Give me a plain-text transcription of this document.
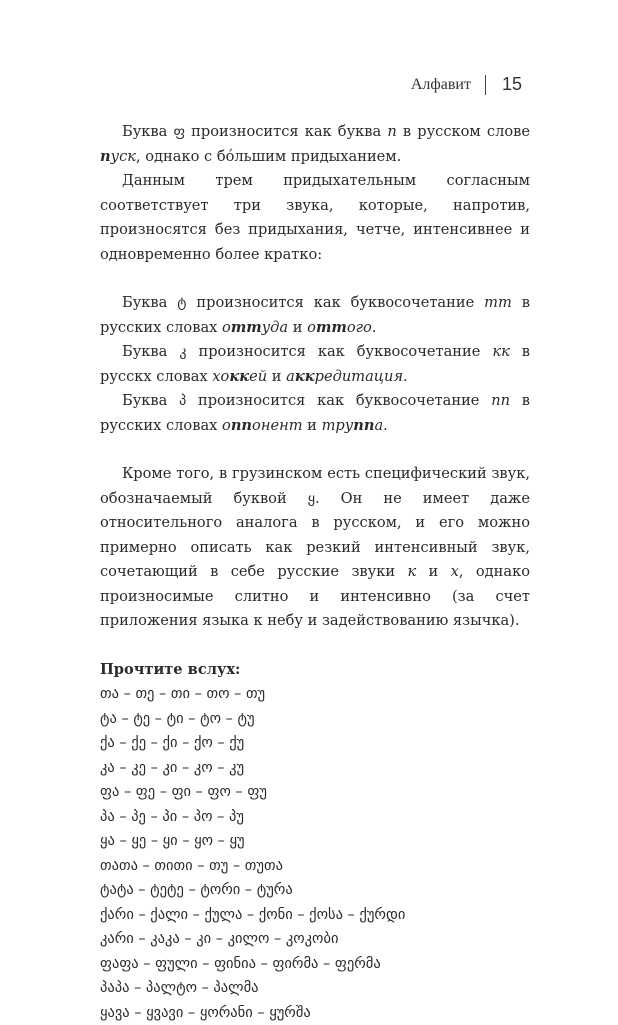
Алфавит 15

Буква ფ произносится как буква п в русском слове пуск, однако с бóльшим придыханием.

Данным трем придыхательным согласным соответствует три звука, которые, напротив, произносятся без придыхания, четче, интенсивнее и одновременно более кратко:

Буква ტ произносится как буквосочетание тт в русских словах оттуда и оттого.

Буква კ произносится как буквосочетание кк в русскх словах хоккей и аккредитация.

Буква პ произносится как буквосочетание пп в русских словах оппонент и труппа.

Кроме того, в грузинском есть специфический звук, обозначаемый буквой ყ. Он не имеет даже относительного аналога в русском, и его можно примерно описать как резкий интенсивный звук, сочетающий в себе русские звуки к и х, однако произносимые слитно и интенсивно (за счет приложения языка к небу и задействованию язычка).

Прочтите вслух:

თა – თე – თი – თო – თუ
ტა – ტე – ტი – ტო – ტუ
ქა – ქე – ქი – ქო – ქუ
კა – კე – კი – კო – კუ
ფა – ფე – ფი – ფო – ფუ
პა – პე – პი – პო – პუ
ყა – ყე – ყი – ყო – ყუ
თათა – თითი – თუ – თუთა
ტატა – ტეტე – ტორი – ტურა
ქარი – ქალი – ქულა – ქონი – ქოსა – ქურდი
კარი – კაკა – კი – კილო – კოკობი
ფაფა – ფული – ფინია – ფირმა – ფერმა
პაპა – პალტო – პალმა
ყავა – ყვავი – ყორანი – ყურშა
